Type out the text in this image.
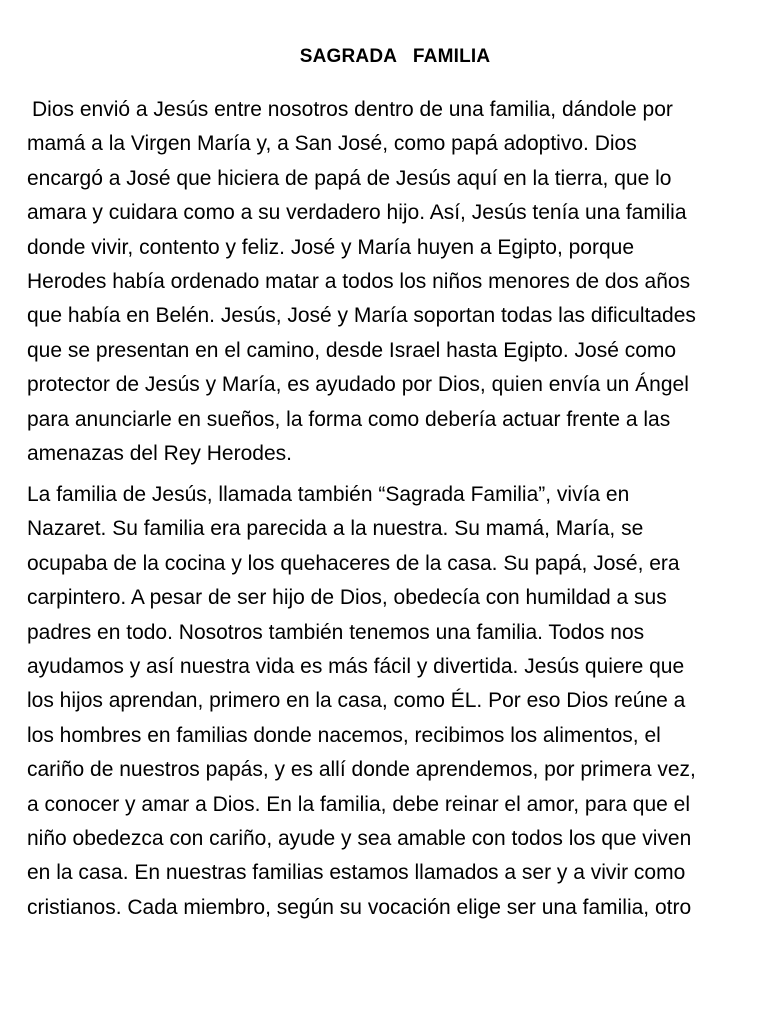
SAGRADA   FAMILIA
Dios envió a Jesús entre nosotros dentro de una familia, dándole por
mamá a la Virgen María y, a San José, como papá adoptivo. Dios
encargó a José que hiciera de papá de Jesús aquí en la tierra, que lo
amara y cuidara como a su verdadero hijo. Así, Jesús tenía una familia
donde vivir, contento y feliz. José y María huyen a Egipto, porque
Herodes había ordenado matar a todos los niños menores de dos años
que había en Belén. Jesús, José y María soportan todas las dificultades
que se presentan en el camino, desde Israel hasta Egipto. José como
protector de Jesús y María, es ayudado por Dios, quien envía un Ángel
para anunciarle en sueños, la forma como debería actuar frente a las
amenazas del Rey Herodes.
La familia de Jesús, llamada también “Sagrada Familia”, vivía en
Nazaret. Su familia era parecida a la nuestra. Su mamá, María, se
ocupaba de la cocina y los quehaceres de la casa. Su papá, José, era
carpintero. A pesar de ser hijo de Dios, obedecía con humildad a sus
padres en todo. Nosotros también tenemos una familia. Todos nos
ayudamos y así nuestra vida es más fácil y divertida. Jesús quiere que
los hijos aprendan, primero en la casa, como ÉL. Por eso Dios reúne a
los hombres en familias donde nacemos, recibimos los alimentos, el
cariño de nuestros papás, y es allí donde aprendemos, por primera vez,
a conocer y amar a Dios. En la familia, debe reinar el amor, para que el
niño obedezca con cariño, ayude y sea amable con todos los que viven
en la casa. En nuestras familias estamos llamados a ser y a vivir como
cristianos. Cada miembro, según su vocación elige ser una familia, otro
